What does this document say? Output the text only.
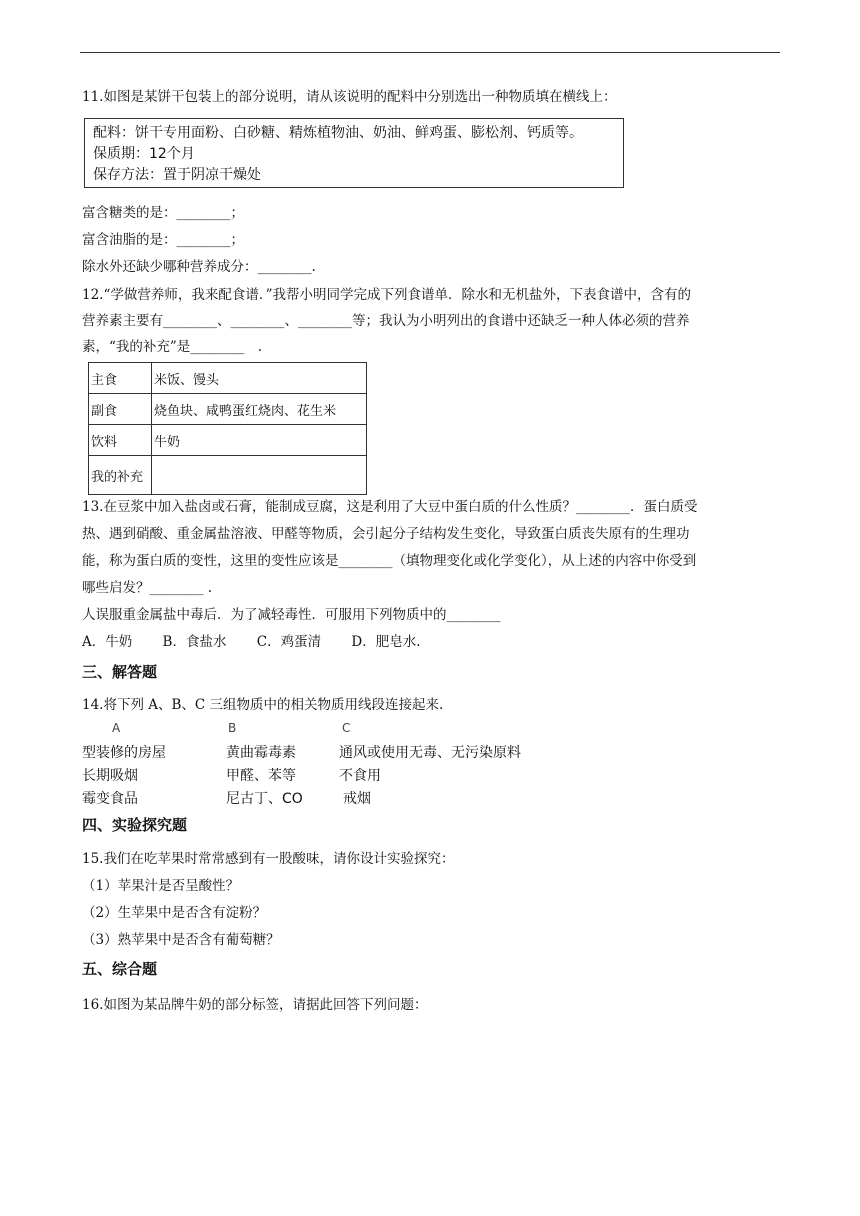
11.如图是某饼干包装上的部分说明，请从该说明的配料中分别选出一种物质填在横线上：
配料：饼干专用面粉、白砂糖、精炼植物油、奶油、鲜鸡蛋、膨松剂、钙质等。
保质期：12个月
保存方法：置于阴凉干燥处
富含糖类的是：________；
富含油脂的是：________；
除水外还缺少哪种营养成分：________.
12.“学做营养师，我来配食谱．”我帮小明同学完成下列食谱单．除水和无机盐外，下表食谱中，含有的
营养素主要有________、________、________等；我认为小明列出的食谱中还缺乏一种人体必须的营养
素，“我的补充”是________　.
主食	米饭、馒头
副食	烧鱼块、咸鸭蛋红烧肉、花生米
饮料	牛奶
我的补充	
13.在豆浆中加入盐卤或石膏，能制成豆腐，这是利用了大豆中蛋白质的什么性质？________．蛋白质受
热、遇到硝酸、重金属盐溶液、甲醛等物质，会引起分子结构发生变化，导致蛋白质丧失原有的生理功
能，称为蛋白质的变性，这里的变性应该是________（填物理变化或化学变化），从上述的内容中你受到
哪些启发？________ .
人误服重金属盐中毒后．为了减轻毒性．可服用下列物质中的________
A．牛奶 B．食盐水 C．鸡蛋清 D．肥皂水.
三、解答题
14.将下列 A、B、C 三组物质中的相关物质用线段连接起来.
A	B	C
型装修的房屋	黄曲霉毒素	通风或使用无毒、无污染原料
长期吸烟	甲醛、苯等	不食用
霉变食品	尼古丁、CO	戒烟
四、实验探究题
15.我们在吃苹果时常常感到有一股酸味，请你设计实验探究：
（1）苹果汁是否呈酸性？
（2）生苹果中是否含有淀粉？
（3）熟苹果中是否含有葡萄糖？
五、综合题
16.如图为某品牌牛奶的部分标签，请据此回答下列问题：
